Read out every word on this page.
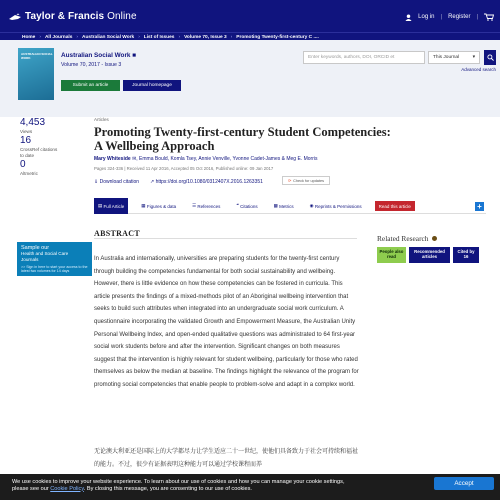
Taylor & Francis Online	Log in | Register |
Home › All Journals › Australian Social Work › List of Issues › Volume 70, Issue 3 › Promoting Twenty-first-century C ....
AUSTRALIAN SOCIAL WORK	Australian Social Work ■
Volume 70, 2017 - Issue 3
Submit an article	Journal homepage
Enter keywords, authors, DOI, ORCID et	This Journal	▾
Advanced search
4,453
Views
16
CrossRef citations to date
0
Altmetric
Articles
Promoting Twenty-first-century Student Competencies: A Wellbeing Approach
Mary Whiteside ✉, Emma Bould, Komla Tsey, Annie Venville, Yvonne Cadet-James & Meg E. Morris
Pages 324-336 | Received 11 Apr 2016, Accepted 05 Oct 2016, Published online: 09 Jan 2017
⇓ Download citation ↗ https://doi.org/10.1080/0312407X.2016.1263351	⟳ Check for updates
▤
Full Article	▦
Figures & data	☰
References	❝
Citations	▩
Metrics	◉
Reprints & Permissions	Read this article	+
Sample our
Health and Social Care
Journals
>> Sign in here to start your access to the latest two volumes for 14 days
ABSTRACT
In Australia and internationally, universities are preparing students for the twenty-first century through building the competencies fundamental for both social sustainability and wellbeing. However, there is little evidence on how these competencies can be fostered in curricula. This article presents the findings of a mixed-methods pilot of an Aboriginal wellbeing intervention that seeks to build such attributes when integrated into an undergraduate social work curriculum. A questionnaire incorporating the validated Growth and Empowerment Measure, the Australian Unity Personal Wellbeing Index, and open-ended qualitative questions was administrated to 64 first-year social work students before and after the intervention. Significant changes on both measures suggest that the intervention is highly relevant for student wellbeing, particularly for those who rated themselves as below the median at baseline. The findings highlight the relevance of the program for promoting social competencies that enable people to problem-solve and adapt in a complex world.
无论澳大利亚还是国际上的大学都尽力让学生适应二十一世纪，使他们具备致力于社会可持续和福祉的能力。不过，很少有证据表明这种能力可以通过学校课程而养
Related Research
People also read
Recommended articles
Cited by 16
We use cookies to improve your website experience. To learn about our use of cookies and how you can manage your cookie settings,
please see our Cookie Policy. By closing this message, you are consenting to our use of cookies.
Accept
